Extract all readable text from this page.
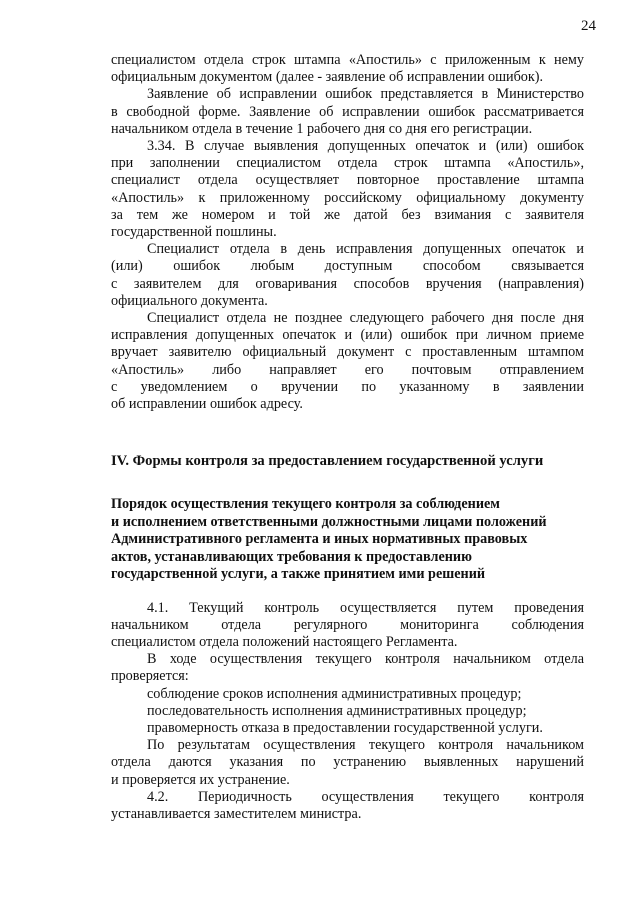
24

специалистом отдела строк штампа «Апостиль» с приложенным к нему
официальным документом (далее - заявление об исправлении ошибок).

Заявление об исправлении ошибок представляется в Министерство
в свободной форме. Заявление об исправлении ошибок рассматривается
начальником отдела в течение 1 рабочего дня со дня его регистрации.

3.34. В случае выявления допущенных опечаток и (или) ошибок
при заполнении специалистом отдела строк штампа «Апостиль»,
специалист отдела осуществляет повторное проставление штампа
«Апостиль» к приложенному российскому официальному документу
за тем же номером и той же датой без взимания с заявителя
государственной пошлины.

Специалист отдела в день исправления допущенных опечаток и
(или) ошибок любым доступным способом связывается
с заявителем для оговаривания способов вручения (направления)
официального документа.

Специалист отдела не позднее следующего рабочего дня после дня
исправления допущенных опечаток и (или) ошибок при личном приеме
вручает заявителю официальный документ с проставленным штампом
«Апостиль» либо направляет его почтовым отправлением
с уведомлением о вручении по указанному в заявлении
об исправлении ошибок адресу.

IV. Формы контроля за предоставлением государственной услуги

Порядок осуществления текущего контроля за соблюдением

и исполнением ответственными должностными лицами положений

Административного регламента и иных нормативных правовых

актов, устанавливающих требования к предоставлению

государственной услуги, а также принятием ими решений

4.1. Текущий контроль осуществляется путем проведения
начальником отдела регулярного мониторинга соблюдения
специалистом отдела положений настоящего Регламента.

В ходе осуществления текущего контроля начальником отдела
проверяется:

соблюдение сроков исполнения административных процедур;
последовательность исполнения административных процедур;
правомерность отказа в предоставлении государственной услуги.

По результатам осуществления текущего контроля начальником
отдела даются указания по устранению выявленных нарушений
и проверяется их устранение.

4.2. Периодичность осуществления текущего контроля
устанавливается заместителем министра.
